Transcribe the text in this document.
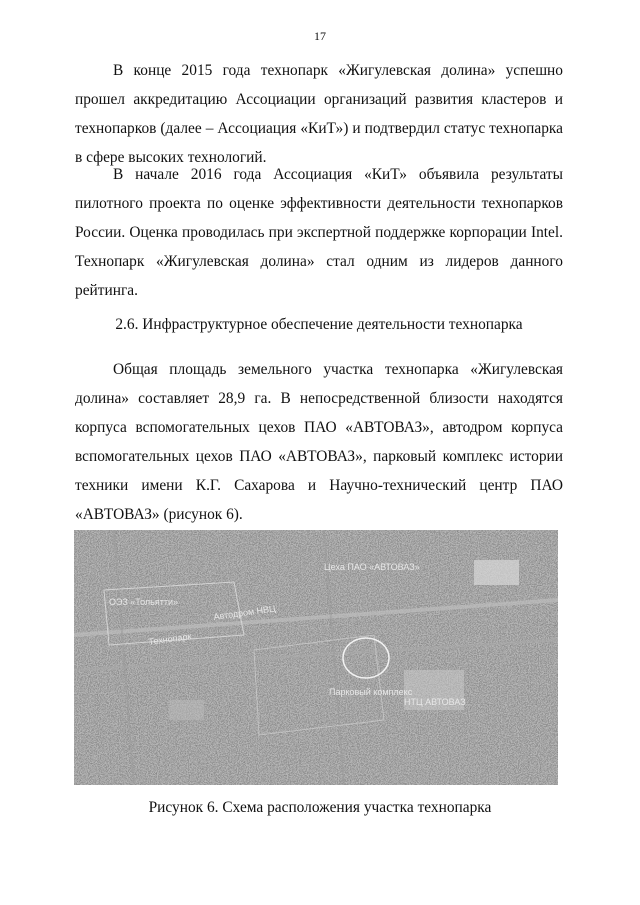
17

В конце 2015 года технопарк «Жигулевская долина» успешно прошел аккредитацию Ассоциации организаций развития кластеров и технопарков (далее – Ассоциация «КиТ») и подтвердил статус технопарка в сфере высоких технологий.

В начале 2016 года Ассоциация «КиТ» объявила результаты пилотного проекта по оценке эффективности деятельности технопарков России. Оценка проводилась при экспертной поддержке корпорации Intel. Технопарк «Жигулевская долина» стал одним из лидеров данного рейтинга.

2.6. Инфраструктурное обеспечение деятельности технопарка

Общая площадь земельного участка технопарка «Жигулевская долина» составляет 28,9 га. В непосредственной близости находятся корпуса вспомогательных цехов ПАО «АВТОВАЗ», автодром корпуса вспомогательных цехов ПАО «АВТОВАЗ», парковый комплекс истории техники имени К.Г. Сахарова и Научно-технический центр ПАО «АВТОВАЗ» (рисунок 6).

Цеха ПАО «АВТОВАЗ»
ОЭЗ «Тольятти»
Автодром НВЦ
Технопарк
Парковый комплекс
НТЦ АВТОВАЗ
Рисунок 6. Схема расположения участка технопарка
